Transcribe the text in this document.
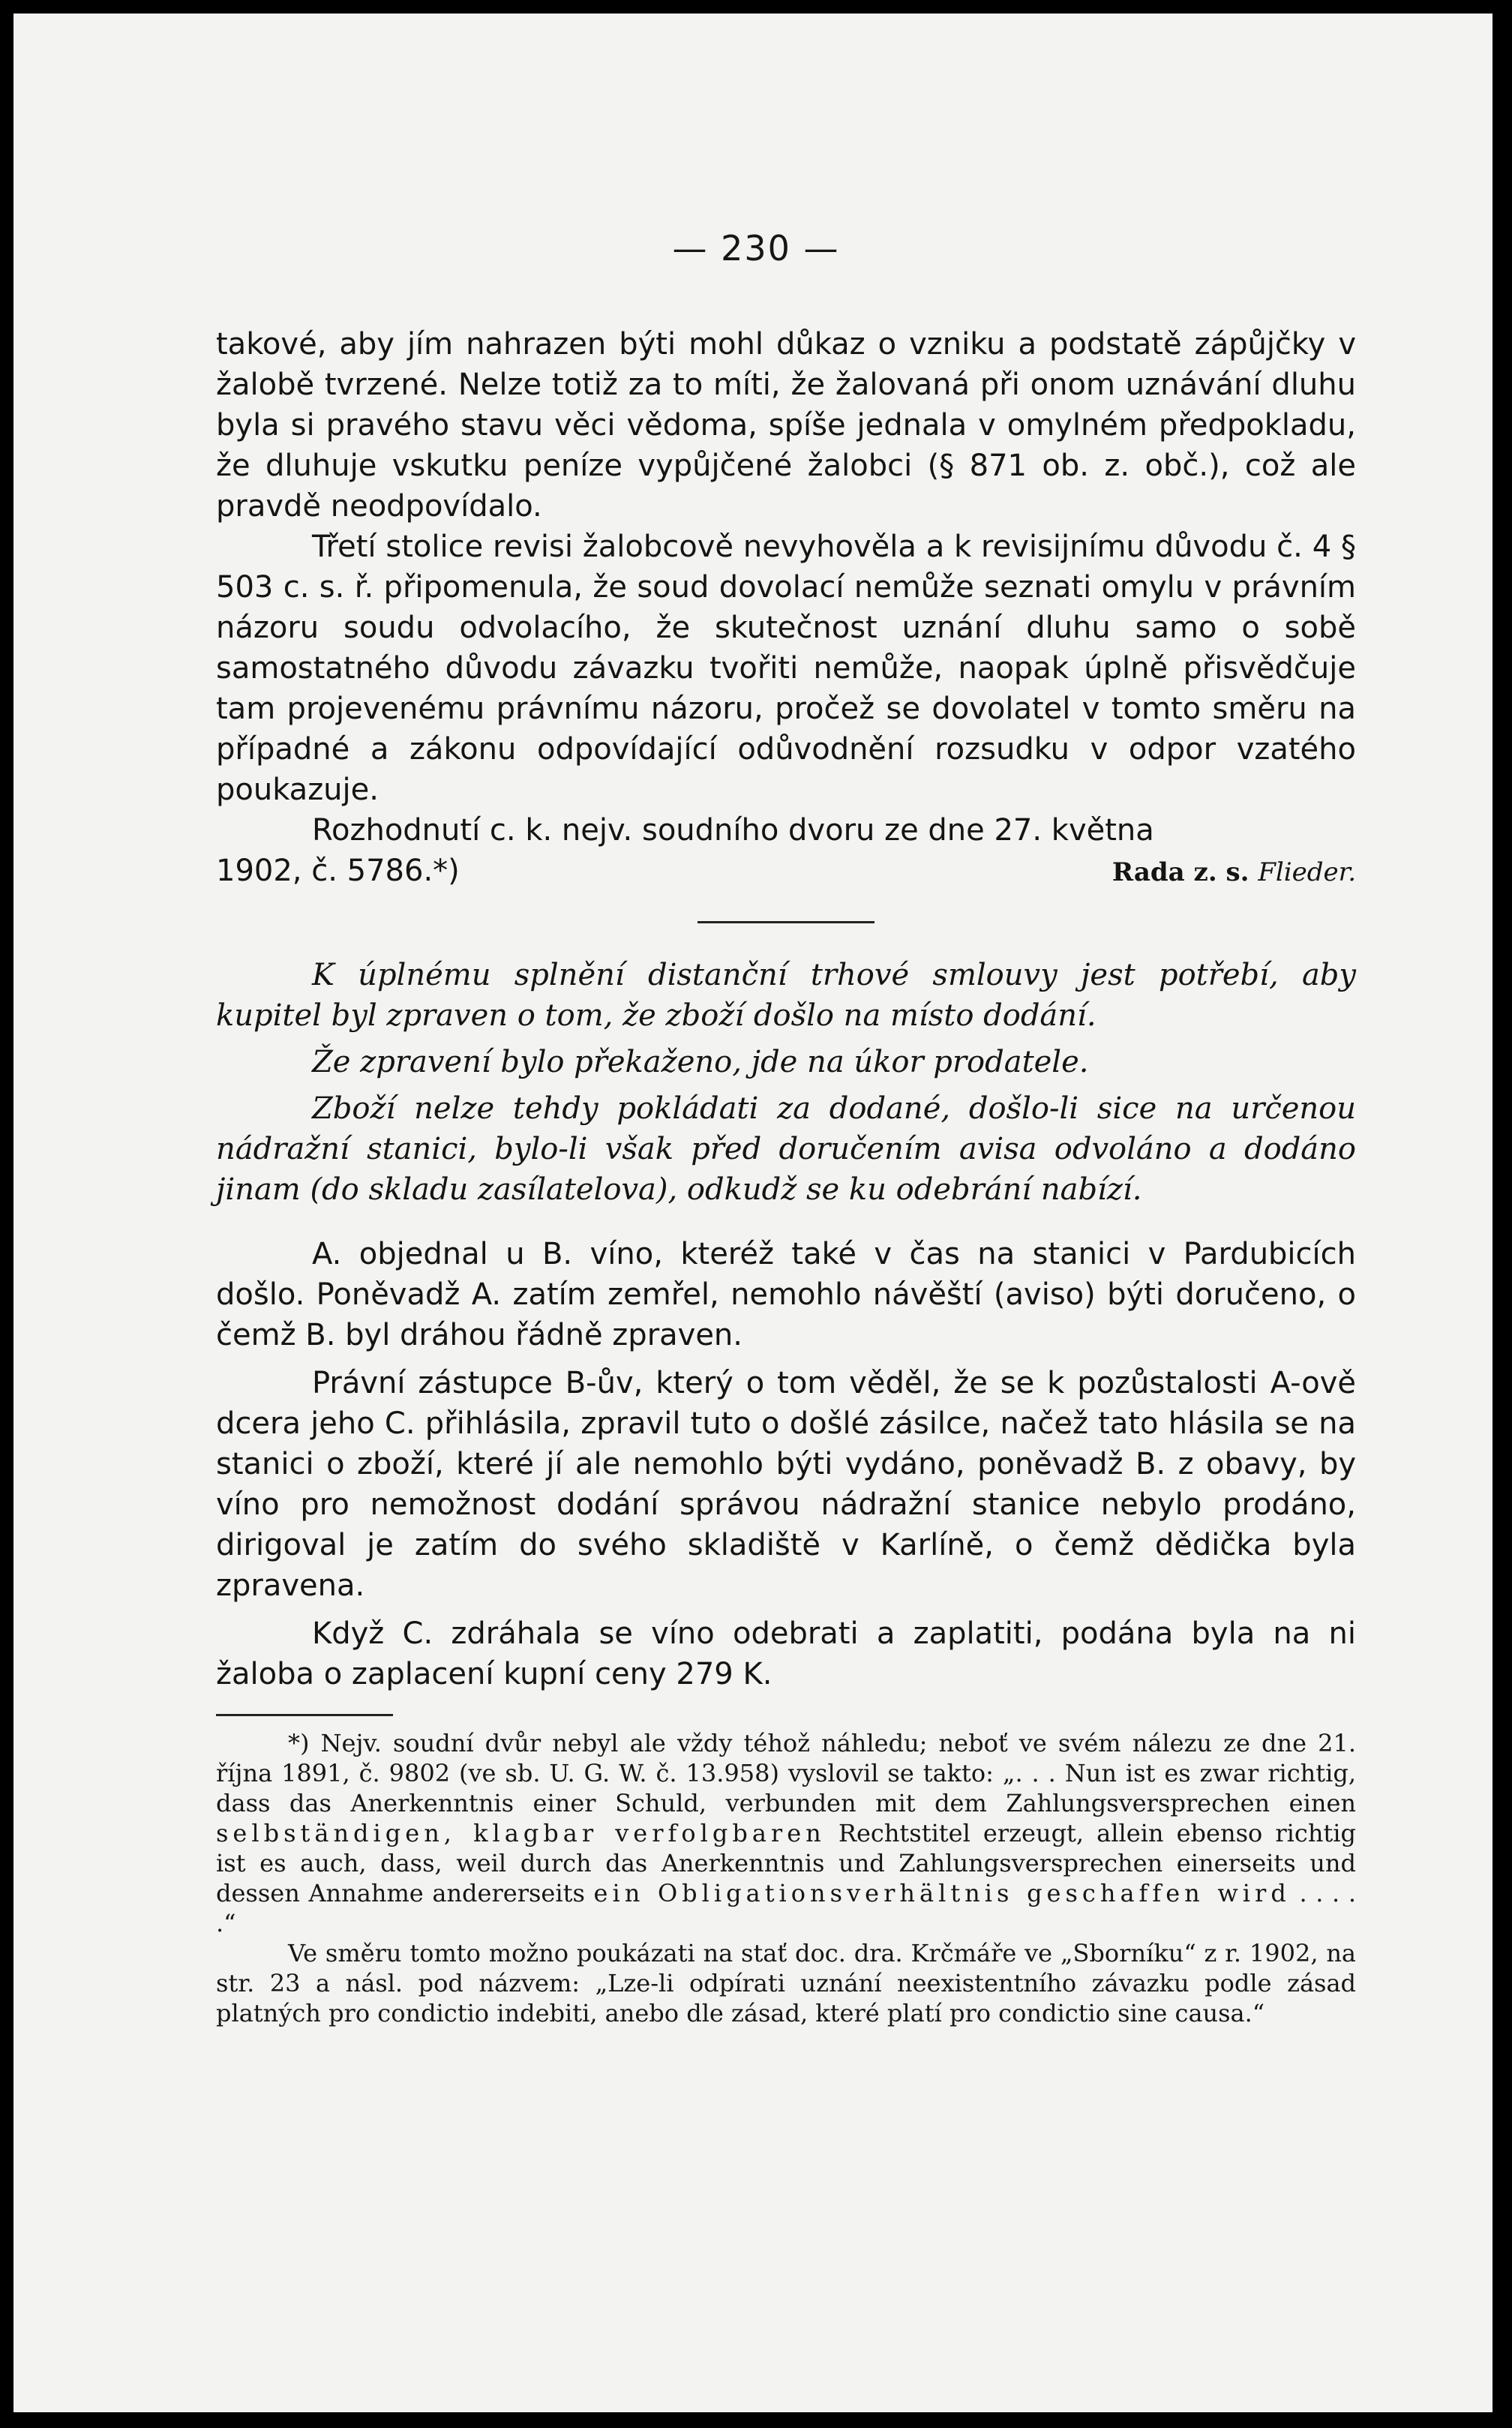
— 230 —

takové, aby jím nahrazen býti mohl důkaz o vzniku a podstatě zápůjčky v žalobě tvrzené. Nelze totiž za to míti, že žalovaná při onom uznávání dluhu byla si pravého stavu věci vědoma, spíše jednala v omylném předpokladu, že dluhuje vskutku peníze vypůjčené žalobci (§ 871 ob. z. obč.), což ale pravdě neodpovídalo.

Třetí stolice revisi žalobcově nevyhověla a k revisijnímu důvodu č. 4 § 503 c. s. ř. připomenula, že soud dovolací nemůže seznati omylu v právním názoru soudu odvolacího, že skutečnost uznání dluhu samo o sobě samostatného důvodu závazku tvořiti nemůže, naopak úplně přisvědčuje tam projevenému právnímu názoru, pročež se dovolatel v tomto směru na případné a zákonu odpovídající odůvodnění rozsudku v odpor vzatého poukazuje.

Rozhodnutí c. k. nejv. soudního dvoru ze dne 27. května

1902, č. 5786.*)	Rada z. s. Flieder.

K úplnému splnění distanční trhové smlouvy jest potřebí, aby kupitel byl zpraven o tom, že zboží došlo na místo dodání.

Že zpravení bylo překaženo, jde na úkor prodatele.

Zboží nelze tehdy pokládati za dodané, došlo-li sice na určenou nádražní stanici, bylo-li však před doručením avisa odvoláno a dodáno jinam (do skladu zasílatelova), odkudž se ku odebrání nabízí.

A. objednal u B. víno, kteréž také v čas na stanici v Pardubicích došlo. Poněvadž A. zatím zemřel, nemohlo návěští (aviso) býti doručeno, o čemž B. byl dráhou řádně zpraven.

Právní zástupce B-ův, který o tom věděl, že se k pozůstalosti A-ově dcera jeho C. přihlásila, zpravil tuto o došlé zásilce, načež tato hlásila se na stanici o zboží, které jí ale nemohlo býti vydáno, poněvadž B. z obavy, by víno pro nemožnost dodání správou nádražní stanice nebylo prodáno, dirigoval je zatím do svého skladiště v Karlíně, o čemž dědička byla zpravena.

Když C. zdráhala se víno odebrati a zaplatiti, podána byla na ni žaloba o zaplacení kupní ceny 279 K.

*) Nejv. soudní dvůr nebyl ale vždy téhož náhledu; neboť ve svém nálezu ze dne 21. října 1891, č. 9802 (ve sb. U. G. W. č. 13.958) vyslovil se takto: „. . . Nun ist es zwar richtig, dass das Anerkenntnis einer Schuld, verbunden mit dem Zahlungsversprechen einen selbständigen, klagbar verfolgbaren Rechtstitel erzeugt, allein ebenso richtig ist es auch, dass, weil durch das Anerkenntnis und Zahlungsversprechen einerseits und dessen Annahme andererseits ein Obligationsverhältnis geschaffen wird . . . . .“

Ve směru tomto možno poukázati na stať doc. dra. Krčmáře ve „Sborníku“ z r. 1902, na str. 23 a násl. pod názvem: „Lze-li odpírati uznání neexistentního závazku podle zásad platných pro condictio indebiti, anebo dle zásad, které platí pro condictio sine causa.“
